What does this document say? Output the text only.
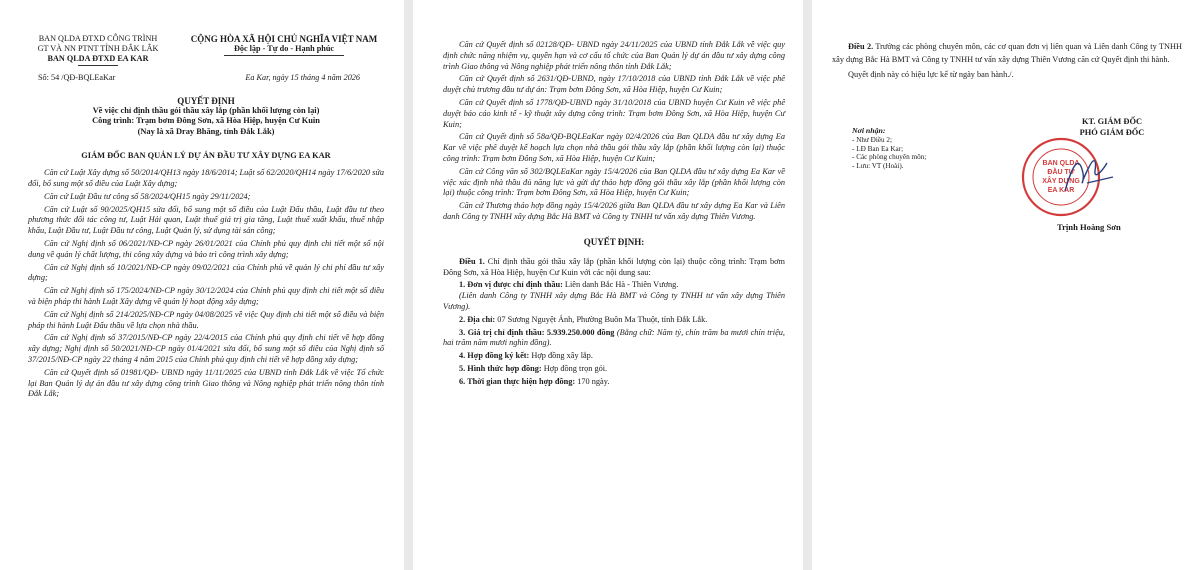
BAN QLDA ĐTXD CÔNG TRÌNH
GT VÀ NN PTNT TỈNH ĐẮK LẮK
BAN QLDA ĐTXD EA KAR
CỘNG HÒA XÃ HỘI CHỦ NGHĨA VIỆT NAM
Độc lập - Tự do - Hạnh phúc
Số: 54 /QĐ-BQLEaKar	Ea Kar, ngày 15 tháng 4 năm 2026
QUYẾT ĐỊNH
Về việc chỉ định thầu gói thầu xây lắp (phần khối lượng còn lại)
Công trình: Trạm bơm Đông Sơn, xã Hòa Hiệp, huyện Cư Kuin
(Nay là xã Dray Bhăng, tỉnh Đắk Lắk)
GIÁM ĐỐC BAN QUẢN LÝ DỰ ÁN ĐẦU TƯ XÂY DỰNG EA KAR

Căn cứ Luật Xây dựng số 50/2014/QH13 ngày 18/6/2014; Luật số 62/2020/QH14 ngày 17/6/2020 sửa đổi, bổ sung một số điều của Luật Xây dựng;

Căn cứ Luật Đầu tư công số 58/2024/QH15 ngày 29/11/2024;

Căn cứ Luật số 90/2025/QH15 sửa đổi, bổ sung một số điều của Luật Đấu thầu, Luật đầu tư theo phương thức đối tác công tư, Luật Hải quan, Luật thuế giá trị gia tăng, Luật thuế xuất khẩu, thuế nhập khẩu, Luật Đầu tư, Luật Đầu tư công, Luật Quản lý, sử dụng tài sản công;

Căn cứ Nghị định số 06/2021/NĐ-CP ngày 26/01/2021 của Chính phủ quy định chi tiết một số nội dung về quản lý chất lượng, thi công xây dựng và bảo trì công trình xây dựng;

Căn cứ Nghị định số 10/2021/NĐ-CP ngày 09/02/2021 của Chính phủ về quản lý chi phí đầu tư xây dựng;

Căn cứ Nghị định số 175/2024/NĐ-CP ngày 30/12/2024 của Chính phủ quy định chi tiết một số điều và biện pháp thi hành Luật Xây dựng về quản lý hoạt động xây dựng;

Căn cứ Nghị định số 214/2025/NĐ-CP ngày 04/08/2025 về việc Quy định chi tiết một số điều và biện pháp thi hành Luật Đấu thầu về lựa chọn nhà thầu.

Căn cứ Nghị định số 37/2015/NĐ-CP ngày 22/4/2015 của Chính phủ quy định chi tiết về hợp đồng xây dựng; Nghị định số 50/2021/NĐ-CP ngày 01/4/2021 sửa đổi, bổ sung một số điều của Nghị định số 37/2015/NĐ-CP ngày 22 tháng 4 năm 2015 của Chính phủ quy định chi tiết về hợp đồng xây dựng;

Căn cứ Quyết định số 01981/QĐ- UBND ngày 11/11/2025 của UBND tỉnh Đắk Lắk về việc Tổ chức lại Ban Quản lý dự án đầu tư xây dựng công trình Giao thông và Nông nghiệp phát triển nông thôn tỉnh Đắk Lắk;

Căn cứ Quyết định số 02128/QĐ- UBND ngày 24/11/2025 của UBND tỉnh Đắk Lắk về việc quy định chức năng nhiệm vụ, quyền hạn và cơ cấu tổ chức của Ban Quản lý dự án đầu tư xây dựng công trình Giao thông và Nông nghiệp phát triển nông thôn tỉnh Đắk Lắk;

Căn cứ Quyết định số 2631/QĐ-UBND, ngày 17/10/2018 của UBND tỉnh Đắk Lắk về việc phê duyệt chủ trương đầu tư dự án: Trạm bơm Đông Sơn, xã Hòa Hiệp, huyện Cư Kuin;

Căn cứ Quyết định số 1778/QĐ-UBND ngày 31/10/2018 của UBND huyện Cư Kuin về việc phê duyệt báo cáo kinh tế - kỹ thuật xây dựng công trình: Trạm bơm Đông Sơn, xã Hòa Hiệp, huyện Cư Kuin;

Căn cứ Quyết định số 58a/QĐ-BQLEaKar ngày 02/4/2026 của Ban QLDA đầu tư xây dựng Ea Kar về việc phê duyệt kế hoạch lựa chọn nhà thầu gói thầu xây lắp (phần khối lượng còn lại) thuộc công trình: Trạm bơm Đông Sơn, xã Hòa Hiệp, huyện Cư Kuin;

Căn cứ Công văn số 302/BQLEaKar ngày 15/4/2026 của Ban QLDA đầu tư xây dựng Ea Kar về việc xác định nhà thầu đủ năng lực và gửi dự thảo hợp đồng gói thầu xây lắp (phần khối lượng còn lại) thuộc công trình: Trạm bơm Đông Sơn, xã Hòa Hiệp, huyện Cư Kuin;

Căn cứ Thương thảo hợp đồng ngày 15/4/2026 giữa Ban QLDA đầu tư xây dựng Ea Kar và Liên danh Công ty TNHH xây dựng Bắc Hà BMT và Công ty TNHH tư vấn xây dựng Thiên Vương.

QUYẾT ĐỊNH:

Điều 1. Chỉ định thầu gói thầu xây lắp (phần khối lượng còn lại) thuộc công trình: Trạm bơm Đông Sơn, xã Hòa Hiệp, huyện Cư Kuin với các nội dung sau:

1. Đơn vị được chỉ định thầu: Liên danh Bắc Hà - Thiên Vương.

(Liên danh Công ty TNHH xây dựng Bắc Hà BMT và Công ty TNHH tư vấn xây dựng Thiên Vương).

2. Địa chỉ: 07 Sương Nguyệt Ánh, Phường Buôn Ma Thuột, tỉnh Đắk Lắk.

3. Giá trị chỉ định thầu: 5.939.250.000 đồng (Bằng chữ: Năm tỷ, chín trăm ba mươi chín triệu, hai trăm năm mươi nghìn đồng).

4. Hợp đồng ký kết: Hợp đồng xây lắp.

5. Hình thức hợp đồng: Hợp đồng trọn gói.

6. Thời gian thực hiện hợp đồng: 170 ngày.

Điều 2. Trưởng các phòng chuyên môn, các cơ quan đơn vị liên quan và Liên danh Công ty TNHH xây dựng Bắc Hà BMT và Công ty TNHH tư vấn xây dựng Thiên Vương căn cứ Quyết định thi hành.

Quyết định này có hiệu lực kể từ ngày ban hành./.

Nơi nhận:
- Như Điều 2;
- LĐ Ban Ea Kar;
- Các phòng chuyên môn;
- Lưu: VT (Hoài).
KT. GIÁM ĐỐC
PHÓ GIÁM ĐỐC
BAN QLDA
ĐẦU TƯ
XÂY DỰNG
EA KAR
Trịnh Hoàng Sơn
